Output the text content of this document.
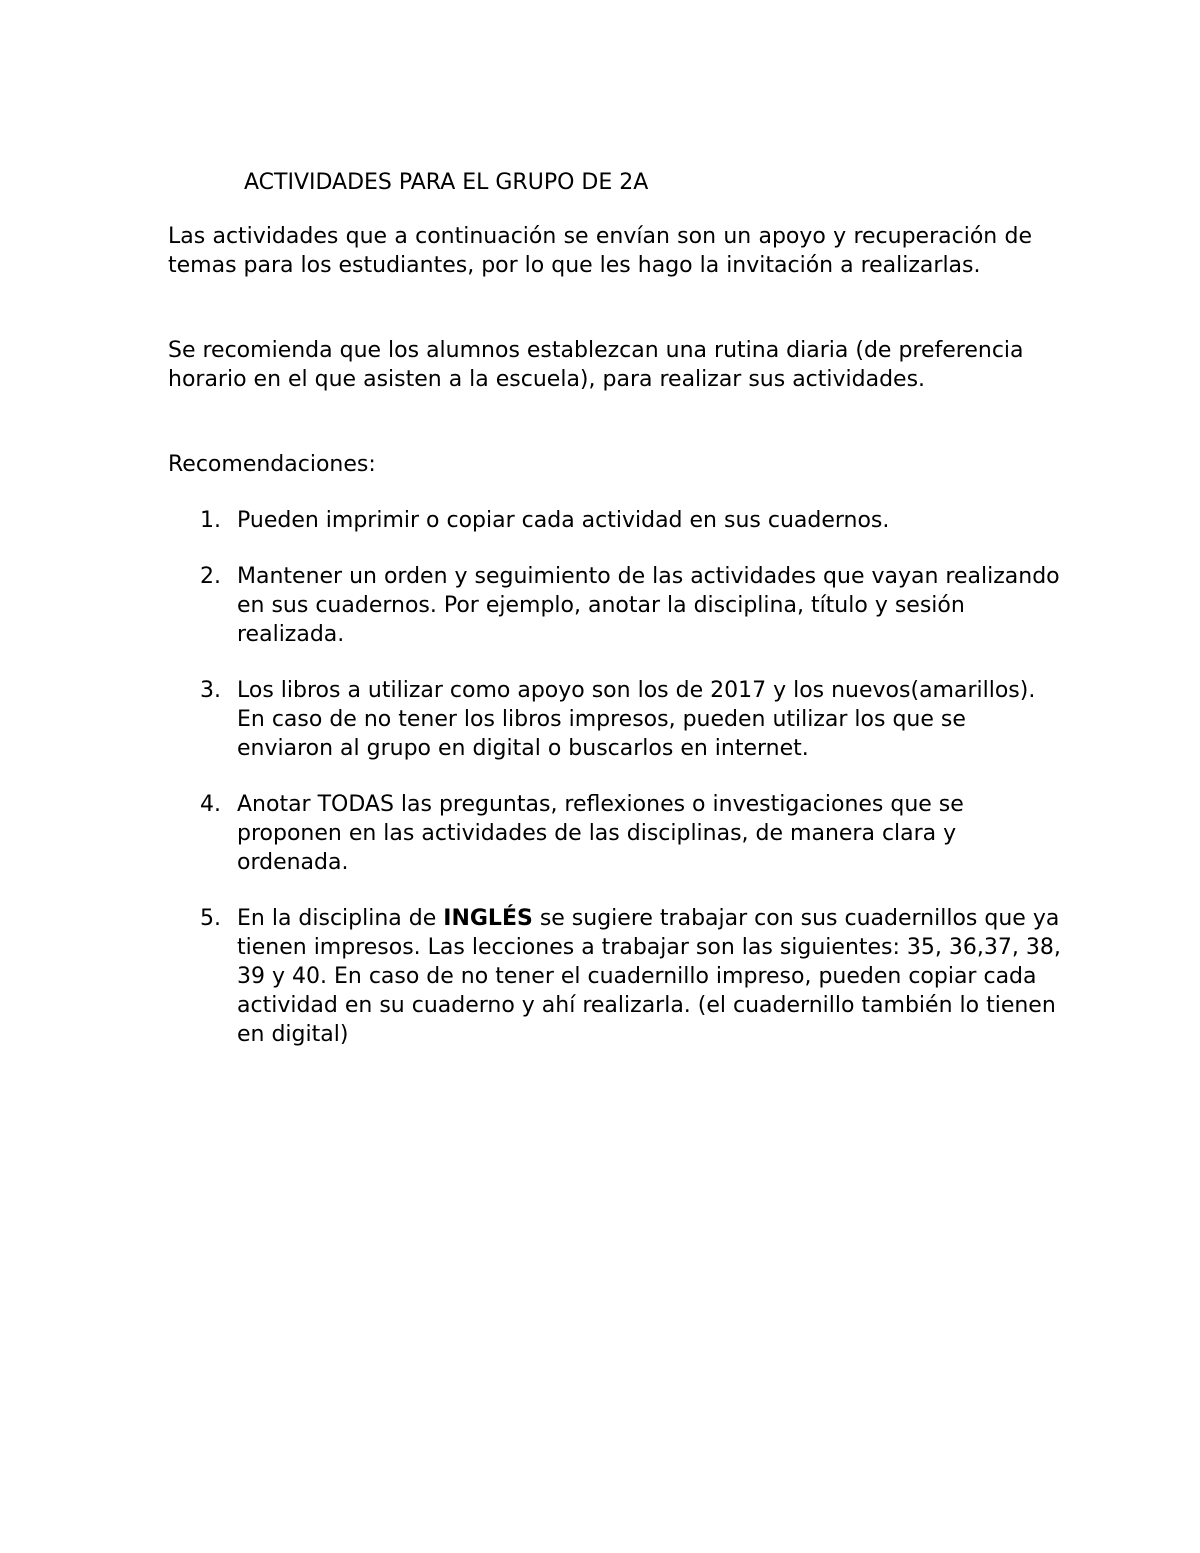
ACTIVIDADES PARA EL GRUPO DE 2A

Las actividades que a continuación se envían son un apoyo y recuperación de temas para los estudiantes, por lo que les hago la invitación a realizarlas.

Se recomienda que los alumnos establezcan una rutina diaria (de preferencia horario en el que asisten a la escuela), para realizar sus actividades.

Recomendaciones:

1. Pueden imprimir o copiar cada actividad en sus cuadernos.
2. Mantener un orden y seguimiento de las actividades que vayan realizando en sus cuadernos. Por ejemplo, anotar la disciplina, título y sesión realizada.
3. Los libros a utilizar como apoyo son los de 2017 y los nuevos(amarillos). En caso de no tener los libros impresos, pueden utilizar los que se enviaron al grupo en digital o buscarlos en internet.
4. Anotar TODAS las preguntas, reflexiones o investigaciones que se proponen en las actividades de las disciplinas, de manera clara y ordenada.
5. En la disciplina de INGLÉS se sugiere trabajar con sus cuadernillos que ya tienen impresos. Las lecciones a trabajar son las siguientes: 35, 36,37, 38, 39 y 40. En caso de no tener el cuadernillo impreso, pueden copiar cada actividad en su cuaderno y ahí realizarla. (el cuadernillo también lo tienen en digital)
